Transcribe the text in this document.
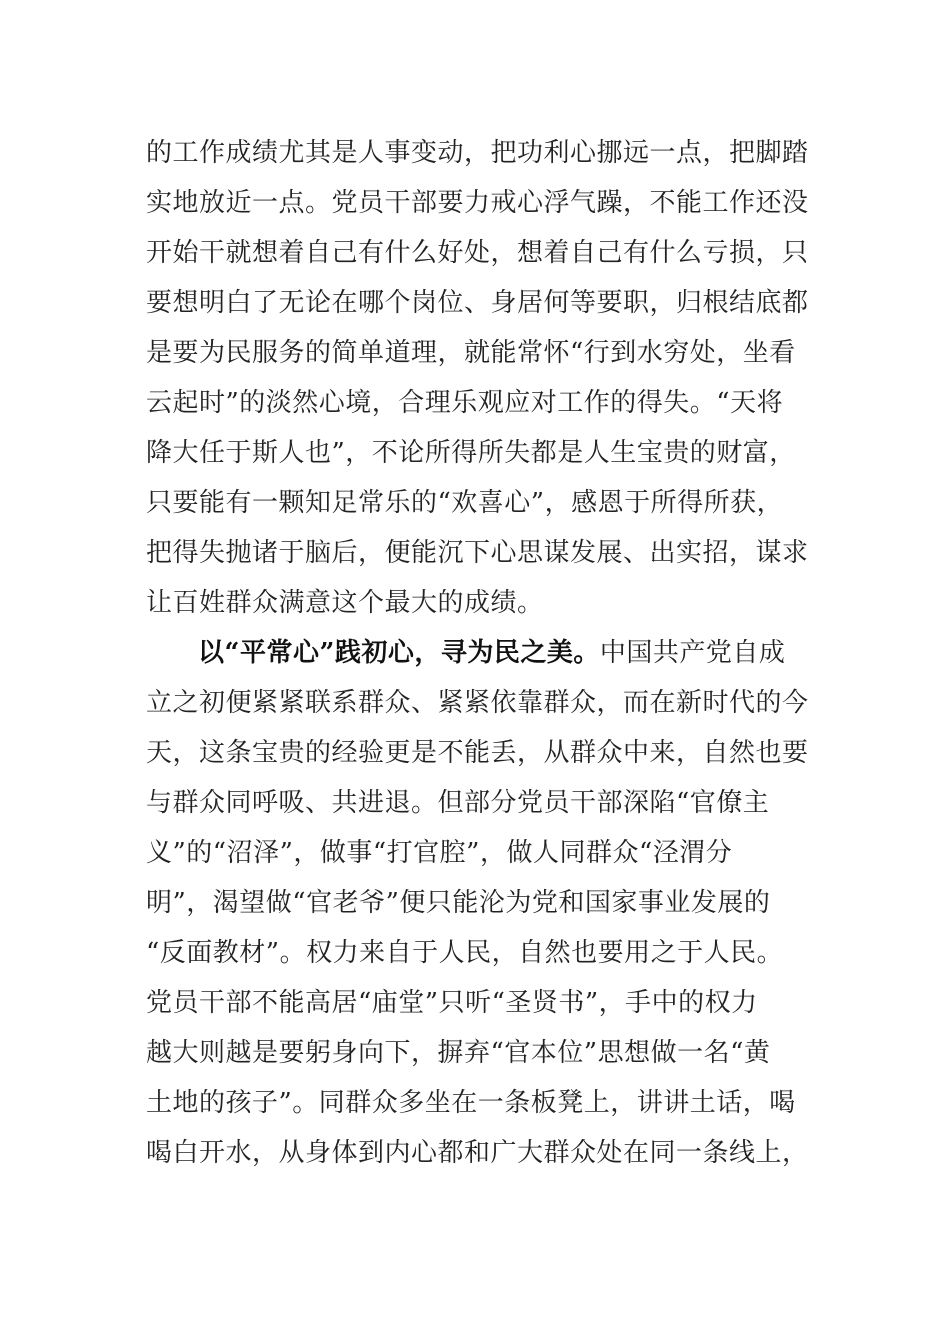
的工作成绩尤其是人事变动，把功利心挪远一点，把脚踏
实地放近一点。党员干部要力戒心浮气躁，不能工作还没
开始干就想着自己有什么好处，想着自己有什么亏损，只
要想明白了无论在哪个岗位、身居何等要职，归根结底都
是要为民服务的简单道理，就能常怀“行到水穷处，坐看
云起时”的淡然心境，合理乐观应对工作的得失。“天将
降大任于斯人也”，不论所得所失都是人生宝贵的财富，
只要能有一颗知足常乐的“欢喜心”，感恩于所得所获，
把得失抛诸于脑后，便能沉下心思谋发展、出实招，谋求
让百姓群众满意这个最大的成绩。
以“平常心”践初心，寻为民之美。中国共产党自成
立之初便紧紧联系群众、紧紧依靠群众，而在新时代的今
天，这条宝贵的经验更是不能丢，从群众中来，自然也要
与群众同呼吸、共进退。但部分党员干部深陷“官僚主
义”的“沼泽”，做事“打官腔”，做人同群众“泾渭分
明”，渴望做“官老爷”便只能沦为党和国家事业发展的
“反面教材”。权力来自于人民，自然也要用之于人民。
党员干部不能高居“庙堂”只听“圣贤书”，手中的权力
越大则越是要躬身向下，摒弃“官本位”思想做一名“黄
土地的孩子”。同群众多坐在一条板凳上，讲讲土话，喝
喝白开水，从身体到内心都和广大群众处在同一条线上，
